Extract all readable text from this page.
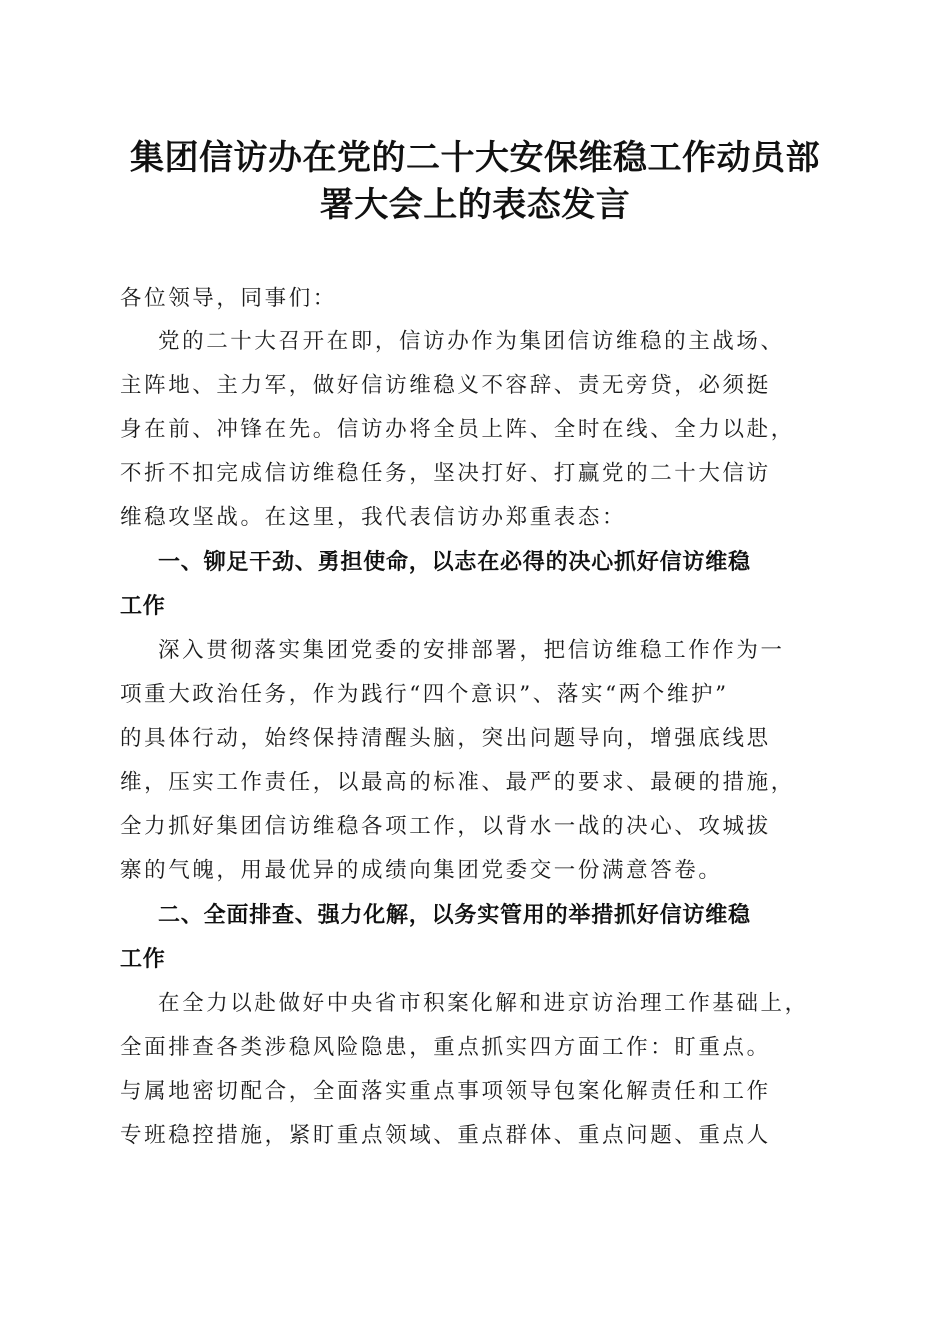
集团信访办在党的二十大安保维稳工作动员部
署大会上的表态发言
各位领导，同事们：
党的二十大召开在即，信访办作为集团信访维稳的主战场、
主阵地、主力军，做好信访维稳义不容辞、责无旁贷，必须挺
身在前、冲锋在先。信访办将全员上阵、全时在线、全力以赴，
不折不扣完成信访维稳任务，坚决打好、打赢党的二十大信访
维稳攻坚战。在这里，我代表信访办郑重表态：
一、铆足干劲、勇担使命，以志在必得的决心抓好信访维稳
工作
深入贯彻落实集团党委的安排部署，把信访维稳工作作为一
项重大政治任务，作为践行“四个意识”、落实“两个维护”
的具体行动，始终保持清醒头脑，突出问题导向，增强底线思
维，压实工作责任，以最高的标准、最严的要求、最硬的措施，
全力抓好集团信访维稳各项工作，以背水一战的决心、攻城拔
寨的气魄，用最优异的成绩向集团党委交一份满意答卷。
二、全面排查、强力化解，以务实管用的举措抓好信访维稳
工作
在全力以赴做好中央省市积案化解和进京访治理工作基础上，
全面排查各类涉稳风险隐患，重点抓实四方面工作：盯重点。
与属地密切配合，全面落实重点事项领导包案化解责任和工作
专班稳控措施，紧盯重点领域、重点群体、重点问题、重点人
